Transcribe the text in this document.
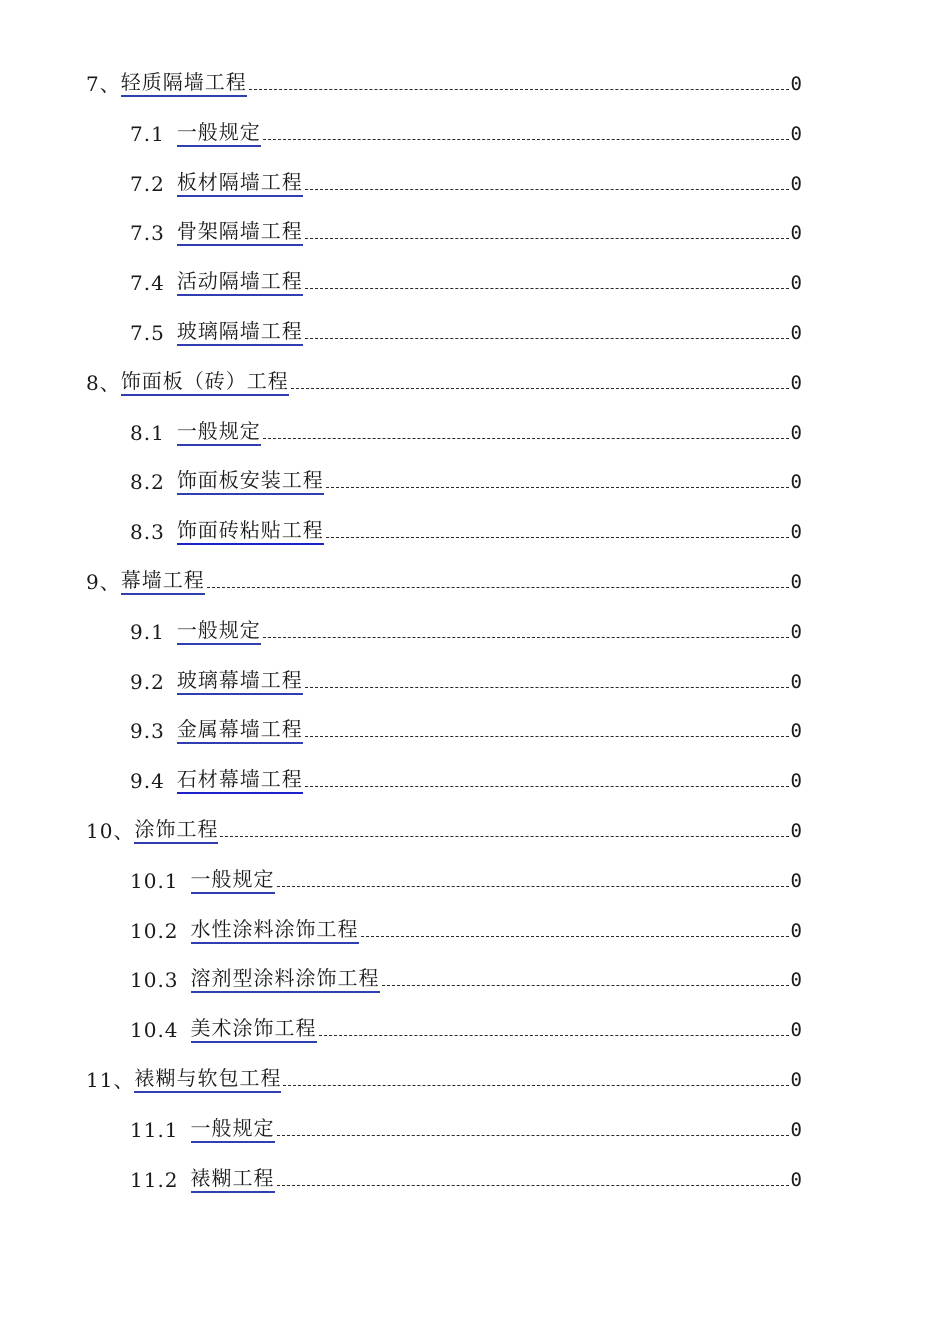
7、 轻质隔墙工程	0
7.1 一般规定	0
7.2 板材隔墙工程	0
7.3 骨架隔墙工程	0
7.4 活动隔墙工程	0
7.5 玻璃隔墙工程	0
8、 饰面板（砖）工程	0
8.1 一般规定	0
8.2 饰面板安装工程	0
8.3 饰面砖粘贴工程	0
9、 幕墙工程	0
9.1 一般规定	0
9.2 玻璃幕墙工程	0
9.3 金属幕墙工程	0
9.4 石材幕墙工程	0
10、 涂饰工程	0
10.1 一般规定	0
10.2 水性涂料涂饰工程	0
10.3 溶剂型涂料涂饰工程	0
10.4 美术涂饰工程	0
11、 裱糊与软包工程	0
11.1 一般规定	0
11.2 裱糊工程	0
